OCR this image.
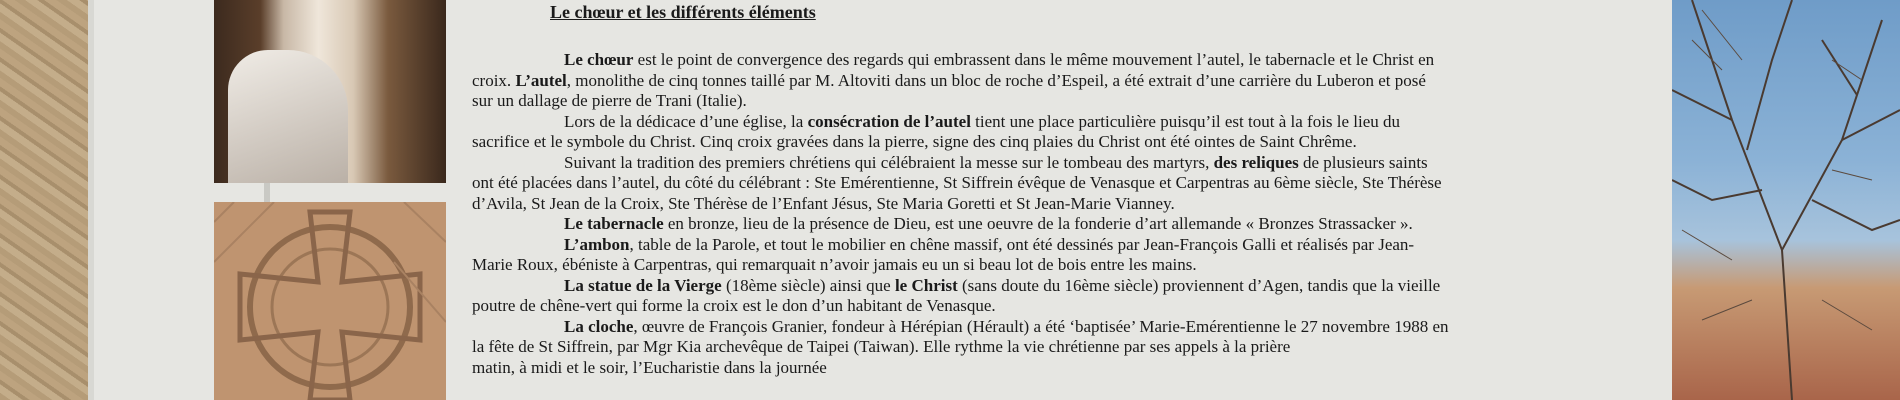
Le chœur et les différents éléments
Le chœur est le point de convergence des regards qui embrassent dans le même mouvement l’autel, le tabernacle et le Christ en
croix. L’autel, monolithe de cinq tonnes taillé par M. Altoviti dans un bloc de roche d’Espeil, a été extrait d’une carrière du Luberon et posé
sur un dallage de pierre de Trani (Italie).
Lors de la dédicace d’une église, la consécration de l’autel tient une place particulière puisqu’il est tout à la fois le lieu du
sacrifice et le symbole du Christ. Cinq croix gravées dans la pierre, signe des cinq plaies du Christ ont été ointes de Saint Chrême.
Suivant la tradition des premiers chrétiens qui célébraient la messe sur le tombeau des martyrs, des reliques de plusieurs saints
ont été placées dans l’autel, du côté du célébrant : Ste Emérentienne, St Siffrein évêque de Venasque et Carpentras au 6ème siècle, Ste Thérèse
d’Avila, St Jean de la Croix, Ste Thérèse de l’Enfant Jésus, Ste Maria Goretti et St Jean-Marie Vianney.
Le tabernacle en bronze, lieu de la présence de Dieu, est une oeuvre de la fonderie d’art allemande « Bronzes Strassacker ».
L’ambon, table de la Parole, et tout le mobilier en chêne massif, ont été dessinés par Jean-François Galli et réalisés par Jean-
Marie Roux, ébéniste à Carpentras, qui remarquait n’avoir jamais eu un si beau lot de bois entre les mains.
La statue de la Vierge (18ème siècle) ainsi que le Christ (sans doute du 16ème siècle) proviennent d’Agen, tandis que la vieille
poutre de chêne-vert qui forme la croix est le don d’un habitant de Venasque.
La cloche, œuvre de François Granier, fondeur à Hérépian (Hérault) a été ‘baptisée’ Marie-Emérentienne le 27 novembre 1988 en
la fête de St Siffrein, par Mgr Kia archevêque de Taipei (Taiwan). Elle rythme la vie chrétienne par ses appels à la prière
matin, à midi et le soir, l’Eucharistie dans la journée
